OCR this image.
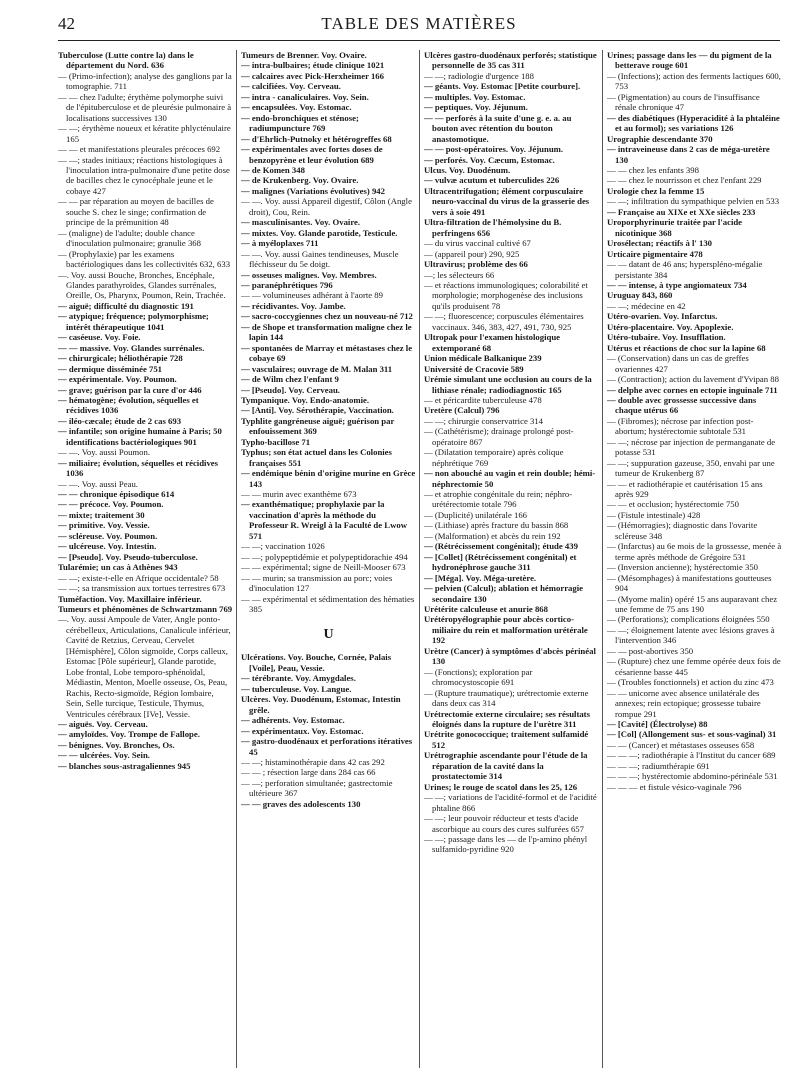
42	TABLE DES MATIÈRES
Tuberculose (Lutte contre la) dans le département du Nord. 636
— (Primo-infection); analyse des ganglions par la tomographie. 711
— — chez l'adulte; érythème polymorphe suivi de l'épituberculose et de pleurésie pulmonaire à localisations successives 130
— —; érythème noueux et kératite phlycténulaire 165
— — et manifestations pleurales précoces 692
— —; stades initiaux; réactions histologiques à l'inoculation intra-pulmonaire d'une petite dose de bacilles chez le cynocéphale jeune et le cobaye 427
— — par réparation au moyen de bacilles de souche S. chez le singe; confirmation de principe de la prémunition 48
— (maligne) de l'adulte; double chance d'inoculation pulmonaire; granulie 368
— (Prophylaxie) par les examens bactériologiques dans les collectivités 632, 633
—. Voy. aussi Bouche, Bronches, Encéphale, Glandes parathyroïdes, Glandes surrénales, Oreille, Os, Pharynx, Poumon, Rein, Trachée.
— aiguë; difficulté du diagnostic 191
— atypique; fréquence; polymorphisme; intérêt thérapeutique 1041
— caséeuse. Voy. Foie.
— — massive. Voy. Glandes surrénales.
— chirurgicale; héliothérapie 728
— dermique disséminée 751
— expérimentale. Voy. Poumon.
— grave; guérison par la cure d'or 446
— hématogène; évolution, séquelles et récidives 1036
— iléo-cæcale; étude de 2 cas 693
— infantile; son origine humaine à Paris; 50 identifications bactériologiques 901
— —. Voy. aussi Poumon.
— miliaire; évolution, séquelles et récidives 1036
— —. Voy. aussi Peau.
— — chronique épisodique 614
— — précoce. Voy. Poumon.
— mixte; traitement 30
— primitive. Voy. Vessie.
— scléreuse. Voy. Poumon.
— ulcéreuse. Voy. Intestin.
— [Pseudo]. Voy. Pseudo-tuberculose.
Tularémie; un cas à Athènes 943
— —; existe-t-elle en Afrique occidentale? 58
— —; sa transmission aux tortues terrestres 673
Tuméfaction. Voy. Maxillaire inférieur.
Tumeurs et phénomènes de Schwartzmann 769
—. Voy. aussi Ampoule de Vater, Angle ponto-cérébelleux, Articulations, Canalicule inférieur, Cavité de Retzius, Cerveau, Cervelet [Hémisphère], Côlon sigmoïde, Corps calleux, Estomac [Pôle supérieur], Glande parotide, Lobe frontal, Lobe temporo-sphénoïdal, Médiastin, Menton, Moelle osseuse, Os, Peau, Rachis, Recto-sigmoïde, Région lombaire, Sein, Selle turcique, Testicule, Thymus, Ventricules cérébraux [IVe], Vessie.
— aiguës. Voy. Cerveau.
— amyloïdes. Voy. Trompe de Fallope.
— bénignes. Voy. Bronches, Os.
— — ulcérées. Voy. Sein.
— blanches sous-astragaliennes 945
Tumeurs de Brenner. Voy. Ovaire.
— intra-bulbaires; étude clinique 1021
— calcaires avec Pick-Herxheimer 166
— calcifiées. Voy. Cerveau.
— intra - canaliculaires. Voy. Sein.
— encapsulées. Voy. Estomac.
— endo-bronchiques et sténose; radiumpuncture 769
— d'Ehrlich-Putnoky et hétérogreffes 68
— expérimentales avec fortes doses de benzopyrène et leur évolution 689
— de Komen 348
— de Krukenberg. Voy. Ovaire.
— malignes (Variations évolutives) 942
— —. Voy. aussi Appareil digestif, Côlon (Angle droit), Cou, Rein.
— masculinisantes. Voy. Ovaire.
— mixtes. Voy. Glande parotide, Testicule.
— à myéloplaxes 711
— —. Voy. aussi Gaines tendineuses, Muscle fléchisseur du 5e doigt.
— osseuses malignes. Voy. Membres.
— paranéphrétiques 796
— — volumineuses adhérant à l'aorte 89
— récidivantes. Voy. Jambe.
— sacro-coccygiennes chez un nouveau-né 712
— de Shope et transformation maligne chez le lapin 144
— spontanées de Marray et métastases chez le cobaye 69
— vasculaires; ouvrage de M. Malan 311
— de Wilm chez l'enfant 9
— [Pseudo]. Voy. Cerveau.
Tympanique. Voy. Endo-anatomie.
— [Anti]. Voy. Sérothérapie, Vaccination.
Typhlite gangréneuse aiguë; guérison par enfouissement 369
Typho-bacillose 71
Typhus; son état actuel dans les Colonies françaises 551
— endémique bénin d'origine murine en Grèce 143
— — murin avec exanthème 673
— exanthématique; prophylaxie par la vaccination d'après la méthode du Professeur R. Wreigl à la Faculté de Lwow 571
— —; vaccination 1026
— —; polypeptidémie et polypeptidorachie 494
— — expérimental; signe de Neill-Mooser 673
— — murin; sa transmission au porc; voies d'inoculation 127
— — expérimental et sédimentation des hématies 385
U
Ulcérations. Voy. Bouche, Cornée, Palais [Voile], Peau, Vessie.
— térébrante. Voy. Amygdales.
— tuberculeuse. Voy. Langue.
Ulcères. Voy. Duodénum, Estomac, Intestin grêle.
— adhérents. Voy. Estomac.
— expérimentaux. Voy. Estomac.
— gastro-duodénaux et perforations itératives 45
— —; histaminothérapie dans 42 cas 292
— — ; résection large dans 284 cas 66
— —; perforation simultanée; gastrectomie ultérieure 367
— — graves des adolescents 130
Ulcères gastro-duodénaux perforés; statistique personnelle de 35 cas 311
— —; radiologie d'urgence 188
— géants. Voy. Estomac [Petite courbure].
— multiples. Voy. Estomac.
— peptiques. Voy. Jéjunum.
— — perforés à la suite d'une g. e. a. au bouton avec rétention du bouton anastomotique.
— — post-opératoires. Voy. Jéjunum.
— perforés. Voy. Cæcum, Estomac.
Ulcus. Voy. Duodénum.
— vulvæ acutum et tuberculides 226
Ultracentrifugation; élément corpusculaire neuro-vaccinal du virus de la grasserie des vers à soie 491
Ultra-filtration de l'hémolysine du B. perfringens 656
— du virus vaccinal cultivé 67
— (appareil pour) 290, 925
Ultravirus; problème des 66
—; les sélecteurs 66
— et réactions immunologiques; colorabilité et morphologie; morphogenèse des inclusions qu'ils produisent 78
— —; fluorescence; corpuscules élémentaires vaccinaux. 346, 383, 427, 491, 730, 925
Ultropak pour l'examen histologique extemporané 68
Union médicale Balkanique 239
Université de Cracovie 589
Urémie simulant une occlusion au cours de la lithiase rénale; radiodiagnostic 165
— et péricardite tuberculeuse 478
Uretère (Calcul) 796
— —; chirurgie conservatrice 314
— (Cathétérisme); drainage prolongé post-opératoire 867
— (Dilatation temporaire) après colique néphrétique 769
— non abouché au vagin et rein double; hémi-néphrectomie 50
— et atrophie congénitale du rein; néphro-urétérectomie totale 796
— (Duplicité) unilatérale 166
— (Lithiase) après fracture du bassin 868
— (Malformation) et abcès du rein 192
— (Rétrécissement congénital); étude 439
— [Collet] (Rétrécissement congénital) et hydronéphrose gauche 311
— [Méga]. Voy. Méga-uretère.
— pelvien (Calcul); ablation et hémorragie secondaire 130
Urétérite calculeuse et anurie 868
Urétéropyélographie pour abcès cortico-miliaire du rein et malformation urétérale 192
Urètre (Cancer) à symptômes d'abcès périnéal 130
— (Fonctions); exploration par chromocystoscopie 691
— (Rupture traumatique); urétrectomie externe dans deux cas 314
Urétrectomie externe circulaire; ses résultats éloignés dans la rupture de l'urètre 311
Urétrite gonococcique; traitement sulfamidé 512
Urétrographie ascendante pour l'étude de la réparation de la cavité dans la prostatectomie 314
Urines; le rouge de scatol dans les 25, 126
— —; variations de l'acidité-formol et de l'acidité phtaline 866
— —; leur pouvoir réducteur et tests d'acide ascorbique au cours des cures sulfurées 657
— —; passage dans les — de l'p-amino phényl sulfamido-pyridine 920
Urines; passage dans les — du pigment de la betterave rouge 601
— (Infections); action des ferments lactiques 600, 753
— (Pigmentation) au cours de l'insuffisance rénale chronique 47
— des diabétiques (Hyperacidité à la phtaléine et au formol); ses variations 126
Urographie descendante 370
— intraveineuse dans 2 cas de méga-uretère 130
— — chez les enfants 398
— — chez le nourrisson et chez l'enfant 229
Urologie chez la femme 15
— —; infiltration du sympathique pelvien en 533
— Française au XIXe et XXe siècles 233
Uroporphyrinurie traitée par l'acide nicotinique 368
Urosélectan; réactifs à l' 130
Urticaire pigmentaire 478
— — datant de 46 ans; hyperspléno-mégalie persistante 384
— — intense, à type angiomateux 734
Uruguay 843, 860
— —; médecine en 42
Utéro-ovarien. Voy. Infarctus.
Utéro-placentaire. Voy. Apoplexie.
Utéro-tubaire. Voy. Insufflation.
Utérus et réactions de choc sur la lapine 68
— (Conservation) dans un cas de greffes ovariennes 427
— (Contraction); action du lavement d'Yvipan 88
— delphe avec cornes en ectopie inguinale 711
— double avec grossesse successive dans chaque utérus 66
— (Fibromes); nécrose par infection post-abortum; hystérectomie subtotale 531
— —; nécrose par injection de permanganate de potasse 531
— —; suppuration gazeuse, 350, envahi par une tumeur de Krukenberg 87
— — et radiothérapie et cautérisation 15 ans après 929
— — et occlusion; hystérectomie 750
— (Fistule intestinale) 428
— (Hémorragies); diagnostic dans l'ovarite scléreuse 348
— (Infarctus) au 6e mois de la grossesse, menée à terme après méthode de Grégoire 531
— (Inversion ancienne); hystérectomie 350
— (Mésomphages) à manifestations goutteuses 904
— (Myome malin) opéré 15 ans auparavant chez une femme de 75 ans 190
— (Perforations); complications éloignées 550
— —; éloignement latente avec lésions graves à l'intervention 346
— — post-abortives 350
— (Rupture) chez une femme opérée deux fois de césarienne basse 445
— (Troubles fonctionnels) et action du zinc 473
— — unicorne avec absence unilatérale des annexes; rein ectopique; grossesse tubaire rompue 291
— [Cavité] (Électrolyse) 88
— [Col] (Allongement sus- et sous-vaginal) 31
— — (Cancer) et métastases osseuses 658
— — —; radiothérapie à l'Institut du cancer 689
— — —; radiumthérapie 691
— — —; hystérectomie abdomino-périnéale 531
— — — et fistule vésico-vaginale 796
